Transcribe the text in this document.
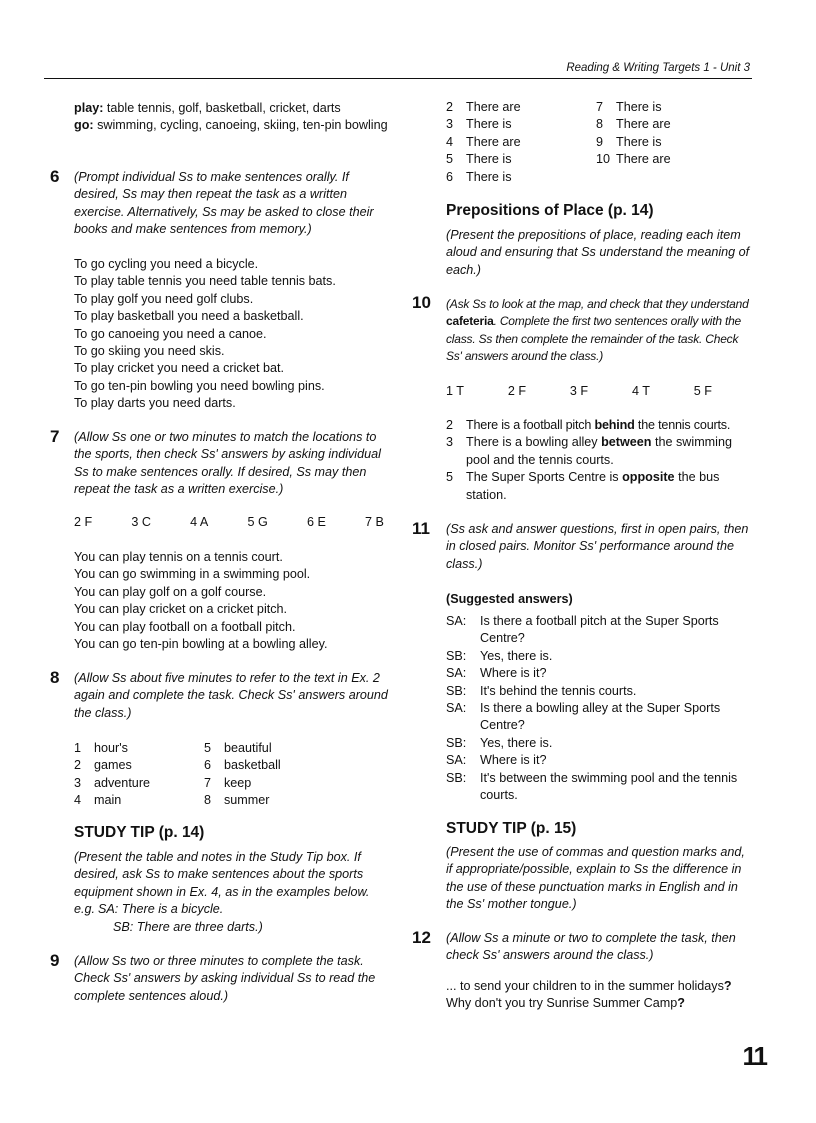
Reading & Writing Targets 1 - Unit 3

play: table tennis, golf, basketball, cricket, darts

go: swimming, cycling, canoeing, skiing, ten-pin bowling

6 (Prompt individual Ss to make sentences orally. If desired, Ss may then repeat the task as a written exercise. Alternatively, Ss may be asked to close their books and make sentences from memory.)

To go cycling you need a bicycle.

To play table tennis you need table tennis bats.

To play golf you need golf clubs.

To play basketball you need a basketball.

To go canoeing you need a canoe.

To go skiing you need skis.

To play cricket you need a cricket bat.

To go ten-pin bowling you need bowling pins.

To play darts you need darts.

7 (Allow Ss one or two minutes to match the locations to the sports, then check Ss' answers by asking individual Ss to make sentences orally. If desired, Ss may then repeat the task as a written exercise.)
2 F	3 C	4 A	5 G	6 E	7 B

You can play tennis on a tennis court.

You can go swimming in a swimming pool.

You can play golf on a golf course.

You can play cricket on a cricket pitch.

You can play football on a football pitch.

You can go ten-pin bowling at a bowling alley.

8 (Allow Ss about five minutes to refer to the text in Ex. 2 again and complete the task. Check Ss' answers around the class.)
1	hour's	5	beautiful
2	games	6	basketball
3	adventure	7	keep
4	main	8	summer
STUDY TIP (p. 14)

(Present the table and notes in the Study Tip box. If desired, ask Ss to make sentences about the sports equipment shown in Ex. 4, as in the examples below.

e.g. SA: There is a bicycle.

SB: There are three darts.)

9 (Allow Ss two or three minutes to complete the task. Check Ss' answers by asking individual Ss to read the complete sentences aloud.)
2	There are	7	There is
3	There is	8	There are
4	There are	9	There is
5	There is	10 There are
6	There is
Prepositions of Place (p. 14)
(Present the prepositions of place, reading each item aloud and ensuring that Ss understand the meaning of each.)
10 (Ask Ss to look at the map, and check that they understand cafeteria. Complete the first two sentences orally with the class. Ss then complete the remainder of the task. Check Ss' answers around the class.)
1 T	2 F	3 F	4 T	5 F
2	There is a football pitch behind the tennis courts.
3	There is a bowling alley between the swimming pool and the tennis courts.
5	The Super Sports Centre is opposite the bus station.
11 (Ss ask and answer questions, first in open pairs, then in closed pairs. Monitor Ss' performance around the class.)
(Suggested answers)
SA:	Is there a football pitch at the Super Sports Centre?
SB:	Yes, there is.
SA:	Where is it?
SB:	It's behind the tennis courts.
SA:	Is there a bowling alley at the Super Sports Centre?
SB:	Yes, there is.
SA:	Where is it?
SB:	It's between the swimming pool and the tennis courts.
STUDY TIP (p. 15)
(Present the use of commas and question marks and, if appropriate/possible, explain to Ss the difference in the use of these punctuation marks in English and in the Ss' mother tongue.)
12 (Allow Ss a minute or two to complete the task, then check Ss' answers around the class.)
... to send your children to in the summer holidays? Why don't you try Sunrise Summer Camp?
11
